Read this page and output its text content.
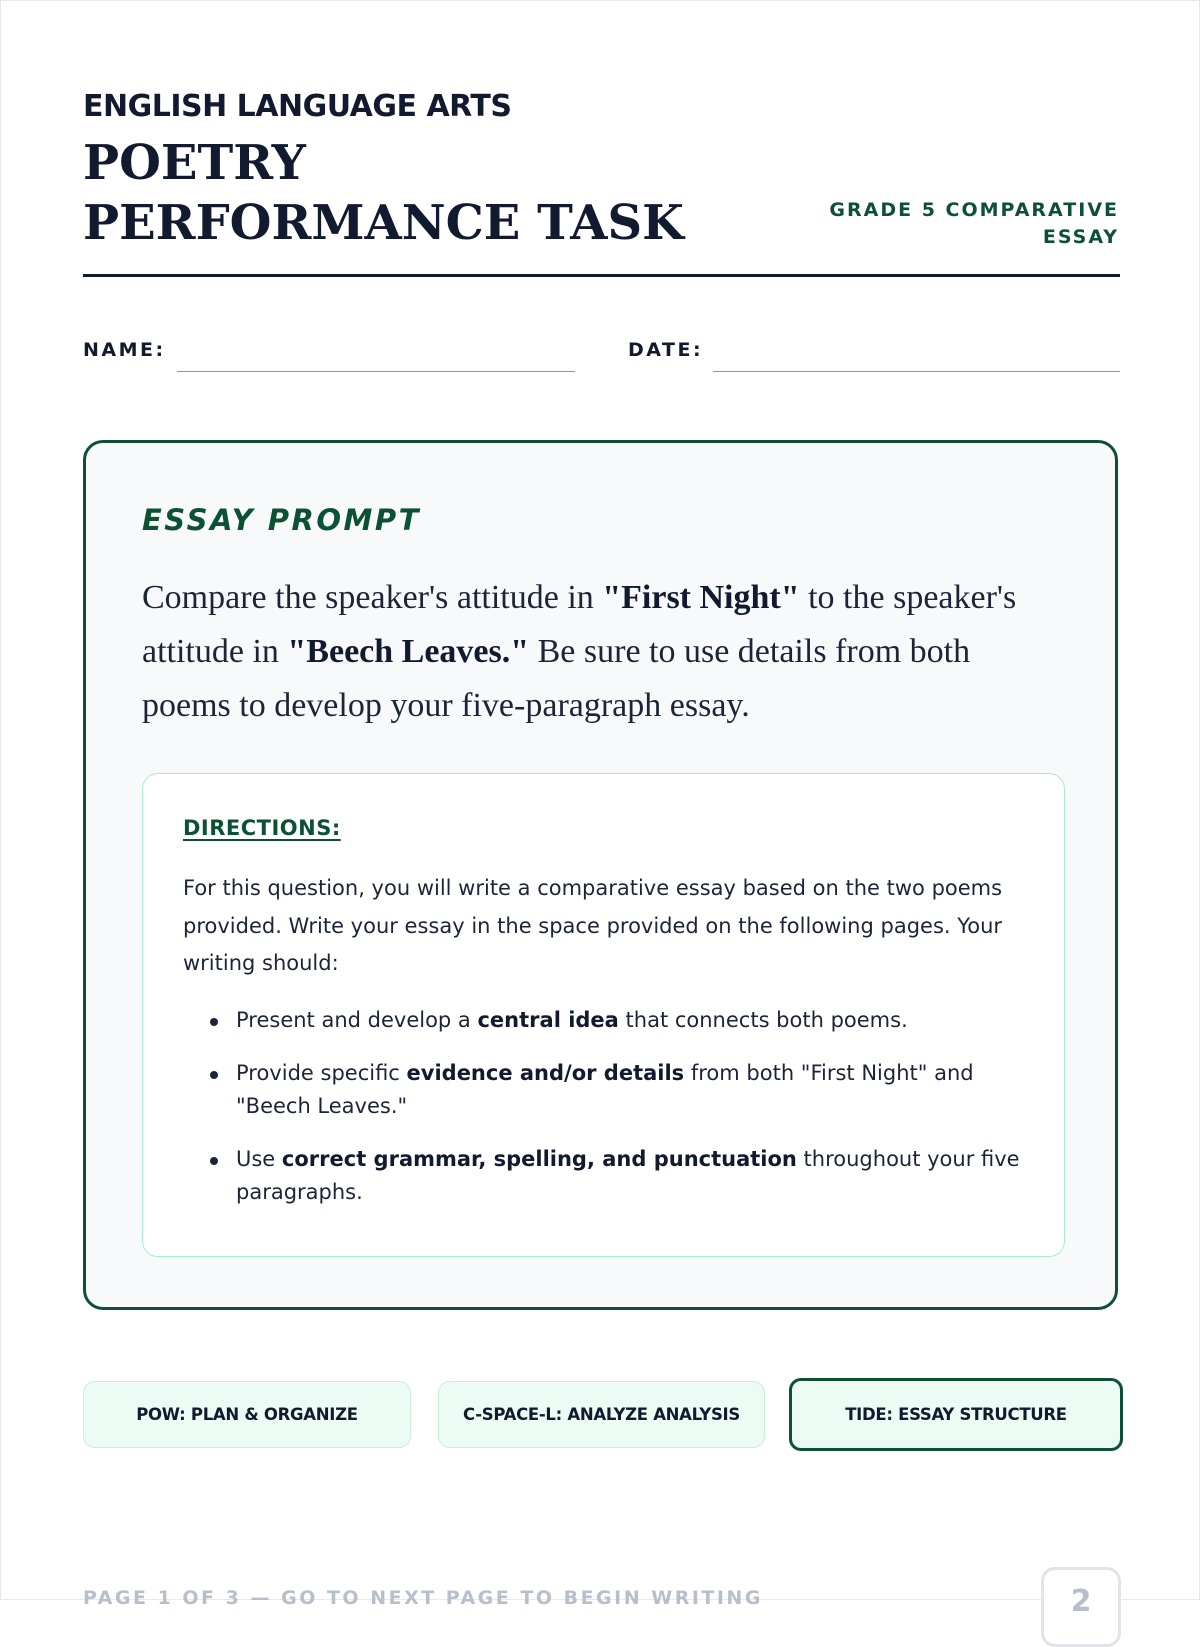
ENGLISH LANGUAGE ARTS

POETRY PERFORMANCE TASK	GRADE 5 COMPARATIVE ESSAY
NAME:	DATE:
ESSAY PROMPT

Compare the speaker's attitude in "First Night" to the speaker's attitude in "Beech Leaves." Be sure to use details from both poems to develop your five-paragraph essay.

DIRECTIONS:

For this question, you will write a comparative essay based on the two poems provided. Write your essay in the space provided on the following pages. Your writing should:

Present and develop a central idea that connects both poems.
Provide specific evidence and/or details from both "First Night" and "Beech Leaves."
Use correct grammar, spelling, and punctuation throughout your five paragraphs.
POW: PLAN & ORGANIZE	C-SPACE-L: ANALYZE ANALYSIS	TIDE: ESSAY STRUCTURE
PAGE 1 OF 3 — GO TO NEXT PAGE TO BEGIN WRITING	2
